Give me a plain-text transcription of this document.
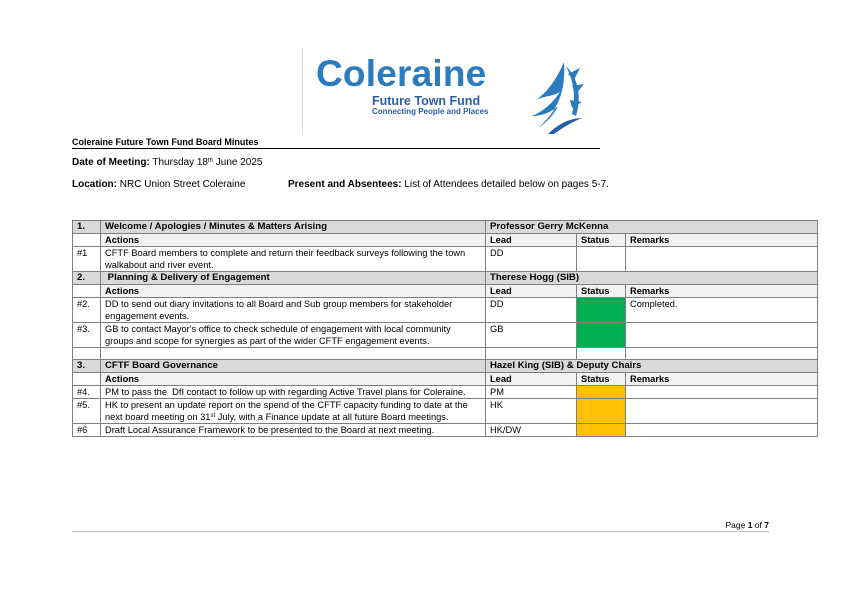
Coleraine
Future Town Fund
Connecting People and Places
Coleraine Future Town Fund Board Minutes
Date of Meeting: Thursday 18th June 2025
Location: NRC Union Street Coleraine	Present and Absentees: List of Attendees detailed below on pages 5-7.
1.	Welcome / Apologies / Minutes & Matters Arising	Professor Gerry McKenna		
	Actions	Lead	Status	Remarks
#1	CFTF Board members to complete and return their feedback surveys following the town walkabout and river event.	DD		
2.	Planning & Delivery of Engagement	Therese Hogg (SIB)		
	Actions	Lead	Status	Remarks
#2.	DD to send out diary invitations to all Board and Sub group members for stakeholder engagement events.	DD		Completed.
#3.	GB to contact Mayor's office to check schedule of engagement with local community groups and scope for synergies as part of the wider CFTF engagement events.	GB		

3.	CFTF Board Governance	Hazel King (SIB) & Deputy Chairs		
	Actions	Lead	Status	Remarks
#4.	PM to pass the  DfI contact to follow up with regarding Active Travel plans for Coleraine.	PM		
#5.	HK to present an update report on the spend of the CFTF capacity funding to date at the next board meeting on 31st July, with a Finance update at all future Board meetings.	HK		
#6	Draft Local Assurance Framework to be presented to the Board at next meeting.	HK/DW		
Page 1 of 7
